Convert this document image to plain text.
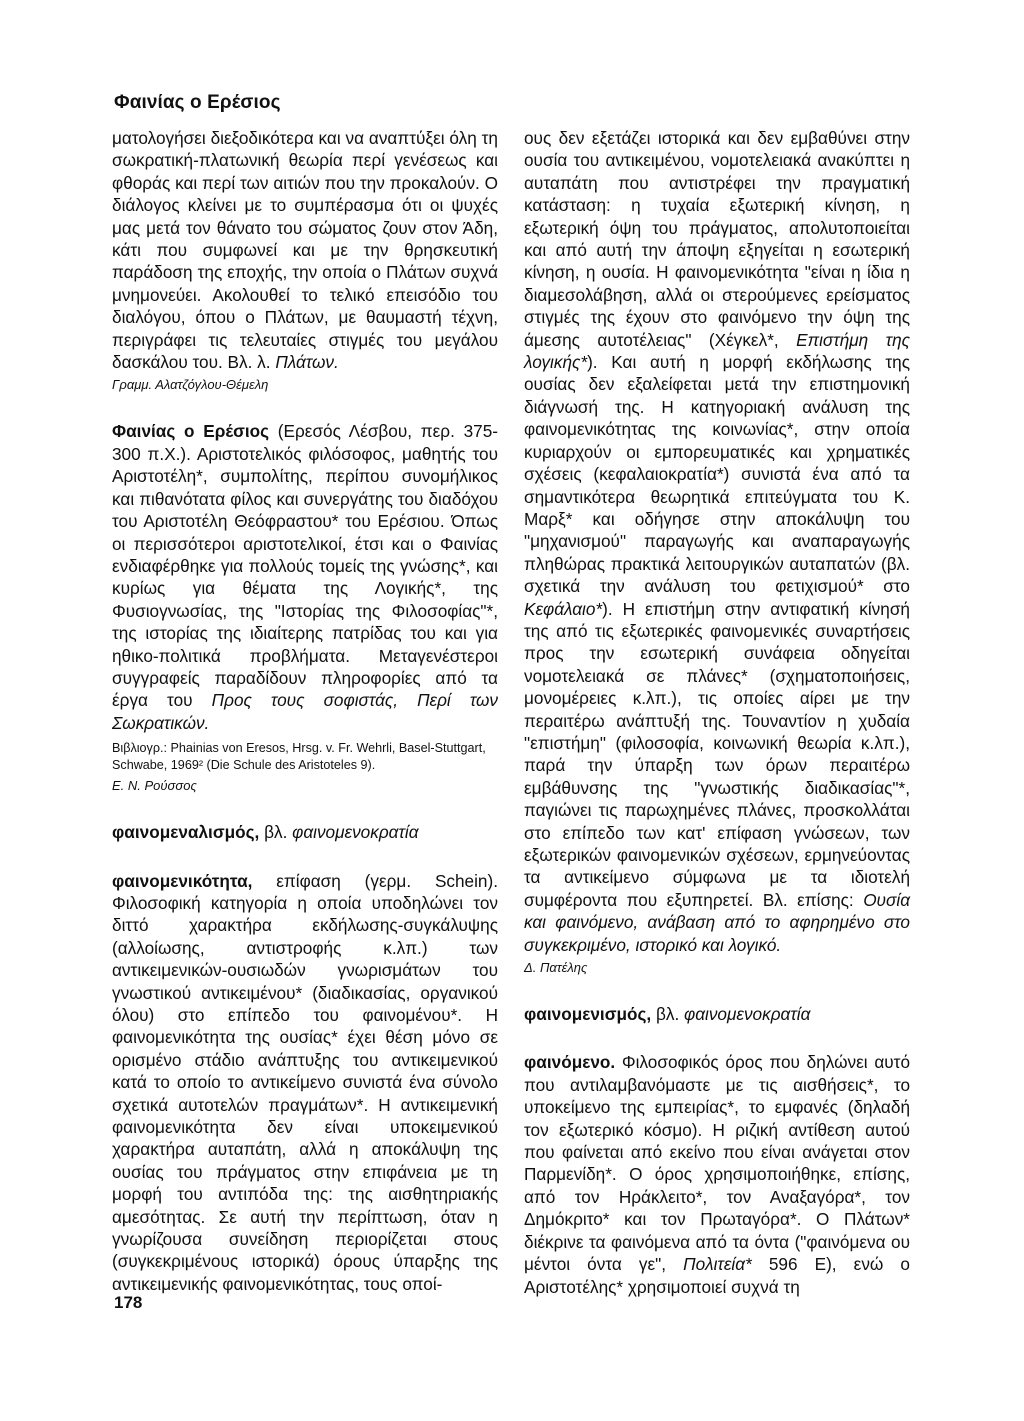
Φαινίας ο Ερέσιος

ματολογήσει διεξοδικότερα και να αναπτύξει όλη τη σωκρατική-πλατωνική θεωρία περί γενέσεως και φθοράς και περί των αιτιών που την προκαλούν. Ο διάλογος κλείνει με το συμπέρασμα ότι οι ψυχές μας μετά τον θάνατο του σώματος ζουν στον Άδη, κάτι που συμφωνεί και με την θρησκευτική παράδοση της εποχής, την οποία ο Πλάτων συχνά μνημονεύει. Ακολουθεί το τελικό επεισόδιο του διαλόγου, όπου ο Πλάτων, με θαυμαστή τέχνη, περιγράφει τις τελευταίες στιγμές του μεγάλου δασκάλου του. Βλ. λ. Πλάτων.

Γραμμ. Αλατζόγλου-Θέμελη

Φαινίας ο Ερέσιος (Ερεσός Λέσβου, περ. 375-300 π.Χ.). Αριστοτελικός φιλόσοφος, μαθητής του Αριστοτέλη*, συμπολίτης, περίπου συνομήλικος και πιθανότατα φίλος και συνεργάτης του διαδόχου του Αριστοτέλη Θεόφραστου* του Ερέσιου. Όπως οι περισσότεροι αριστοτελικοί, έτσι και ο Φαινίας ενδιαφέρθηκε για πολλούς τομείς της γνώσης*, και κυρίως για θέματα της Λογικής*, της Φυσιογνωσίας, της "Ιστορίας της Φιλοσοφίας"*, της ιστορίας της ιδιαίτερης πατρίδας του και για ηθικο-πολιτικά προβλήματα. Μεταγενέστεροι συγγραφείς παραδίδουν πληροφορίες από τα έργα του Προς τους σοφιστάς, Περί των Σωκρατικών.

Βιβλιογρ.: Phainias von Eresos, Hrsg. v. Fr. Wehrli, Basel-Stuttgart, Schwabe, 1969² (Die Schule des Aristoteles 9).
Ε. Ν. Ρούσσος

φαινομεναλισμός, βλ. φαινομενοκρατία

φαινομενικότητα, επίφαση (γερμ. Schein). Φιλοσοφική κατηγορία η οποία υποδηλώνει τον διττό χαρακτήρα εκδήλωσης-συγκάλυψης (αλλοίωσης, αντιστροφής κ.λπ.) των αντικειμενικών-ουσιωδών γνωρισμάτων του γνωστικού αντικειμένου* (διαδικασίας, οργανικού όλου) στο επίπεδο του φαινομένου*. Η φαινομενικότητα της ουσίας* έχει θέση μόνο σε ορισμένο στάδιο ανάπτυξης του αντικειμενικού κατά το οποίο το αντικείμενο συνιστά ένα σύνολο σχετικά αυτοτελών πραγμάτων*. Η αντικειμενική φαινομενικότητα δεν είναι υποκειμενικού χαρακτήρα αυταπάτη, αλλά η αποκάλυψη της ουσίας του πράγματος στην επιφάνεια με τη μορφή του αντιπόδα της: της αισθητηριακής αμεσότητας. Σε αυτή την περίπτωση, όταν η γνωρίζουσα συνείδηση περιορίζεται στους (συγκεκριμένους ιστορικά) όρους ύπαρξης της αντικειμενικής φαινομενικότητας, τους οποί-

ους δεν εξετάζει ιστορικά και δεν εμβαθύνει στην ουσία του αντικειμένου, νομοτελειακά ανακύπτει η αυταπάτη που αντιστρέφει την πραγματική κατάσταση: η τυχαία εξωτερική κίνηση, η εξωτερική όψη του πράγματος, απολυτοποιείται και από αυτή την άποψη εξηγείται η εσωτερική κίνηση, η ουσία. Η φαινομενικότητα "είναι η ίδια η διαμεσολάβηση, αλλά οι στερούμενες ερείσματος στιγμές της έχουν στο φαινόμενο την όψη της άμεσης αυτοτέλειας" (Χέγκελ*, Επιστήμη της λογικής*). Και αυτή η μορφή εκδήλωσης της ουσίας δεν εξαλείφεται μετά την επιστημονική διάγνωσή της. Η κατηγοριακή ανάλυση της φαινομενικότητας της κοινωνίας*, στην οποία κυριαρχούν οι εμπορευματικές και χρηματικές σχέσεις (κεφαλαιοκρατία*) συνιστά ένα από τα σημαντικότερα θεωρητικά επιτεύγματα του Κ. Μαρξ* και οδήγησε στην αποκάλυψη του "μηχανισμού" παραγωγής και αναπαραγωγής πληθώρας πρακτικά λειτουργικών αυταπατών (βλ. σχετικά την ανάλυση του φετιχισμού* στο Κεφάλαιο*). Η επιστήμη στην αντιφατική κίνησή της από τις εξωτερικές φαινομενικές συναρτήσεις προς την εσωτερική συνάφεια οδηγείται νομοτελειακά σε πλάνες* (σχηματοποιήσεις, μονομέρειες κ.λπ.), τις οποίες αίρει με την περαιτέρω ανάπτυξή της. Τουναντίον η χυδαία "επιστήμη" (φιλοσοφία, κοινωνική θεωρία κ.λπ.), παρά την ύπαρξη των όρων περαιτέρω εμβάθυνσης της "γνωστικής διαδικασίας"*, παγιώνει τις παρωχημένες πλάνες, προσκολλάται στο επίπεδο των κατ' επίφαση γνώσεων, των εξωτερικών φαινομενικών σχέσεων, ερμηνεύοντας τα αντικείμενο σύμφωνα με τα ιδιοτελή συμφέροντα που εξυπηρετεί. Βλ. επίσης: Ουσία και φαινόμενο, ανάβαση από το αφηρημένο στο συγκεκριμένο, ιστορικό και λογικό.

Δ. Πατέλης

φαινομενισμός, βλ. φαινομενοκρατία

φαινόμενο. Φιλοσοφικός όρος που δηλώνει αυτό που αντιλαμβανόμαστε με τις αισθήσεις*, το υποκείμενο της εμπειρίας*, το εμφανές (δηλαδή τον εξωτερικό κόσμο). Η ριζική αντίθεση αυτού που φαίνεται από εκείνο που είναι ανάγεται στον Παρμενίδη*. Ο όρος χρησιμοποιήθηκε, επίσης, από τον Ηράκλειτο*, τον Αναξαγόρα*, τον Δημόκριτο* και τον Πρωταγόρα*. Ο Πλάτων* διέκρινε τα φαινόμενα από τα όντα ("φαινόμενα ου μέντοι όντα γε", Πολιτεία* 596 Ε), ενώ ο Αριστοτέλης* χρησιμοποιεί συχνά τη

178
